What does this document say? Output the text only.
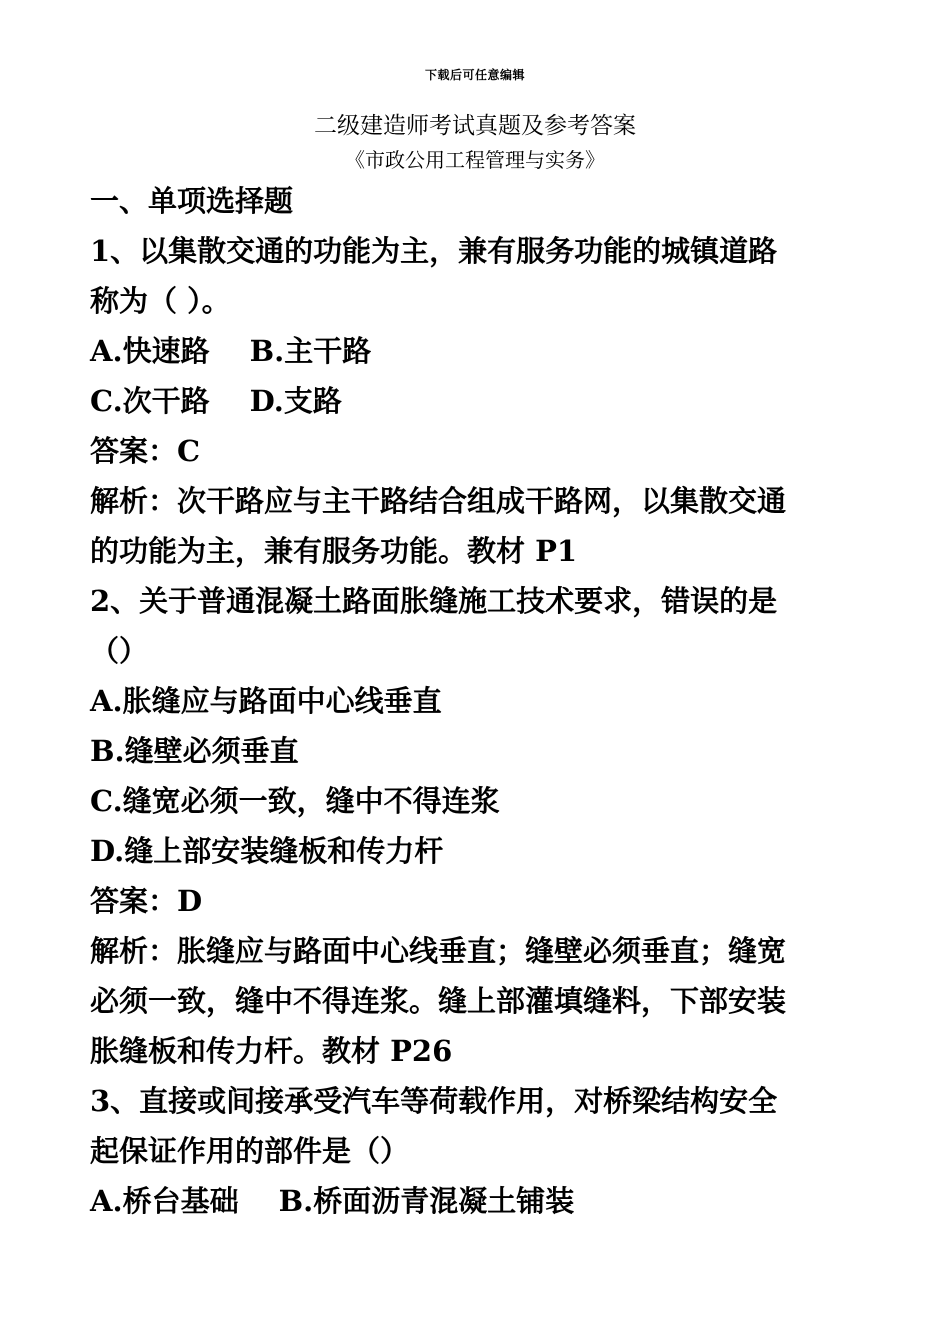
下载后可任意编辑
二级建造师考试真题及参考答案
《市政公用工程管理与实务》
一、单项选择题
1、以集散交通的功能为主，兼有服务功能的城镇道路
称为（ ）。
A.快速路 B.主干路
C.次干路 D.支路
答案：C
解析：次干路应与主干路结合组成干路网，以集散交通
的功能为主，兼有服务功能。教材 P1
2、关于普通混凝土路面胀缝施工技术要求，错误的是
（）
A.胀缝应与路面中心线垂直
B.缝壁必须垂直
C.缝宽必须一致，缝中不得连浆
D.缝上部安装缝板和传力杆
答案：D
解析：胀缝应与路面中心线垂直；缝壁必须垂直；缝宽
必须一致，缝中不得连浆。缝上部灌填缝料，下部安装
胀缝板和传力杆。教材 P26
3、直接或间接承受汽车等荷载作用，对桥梁结构安全
起保证作用的部件是（）
A.桥台基础 B.桥面沥青混凝土铺装
